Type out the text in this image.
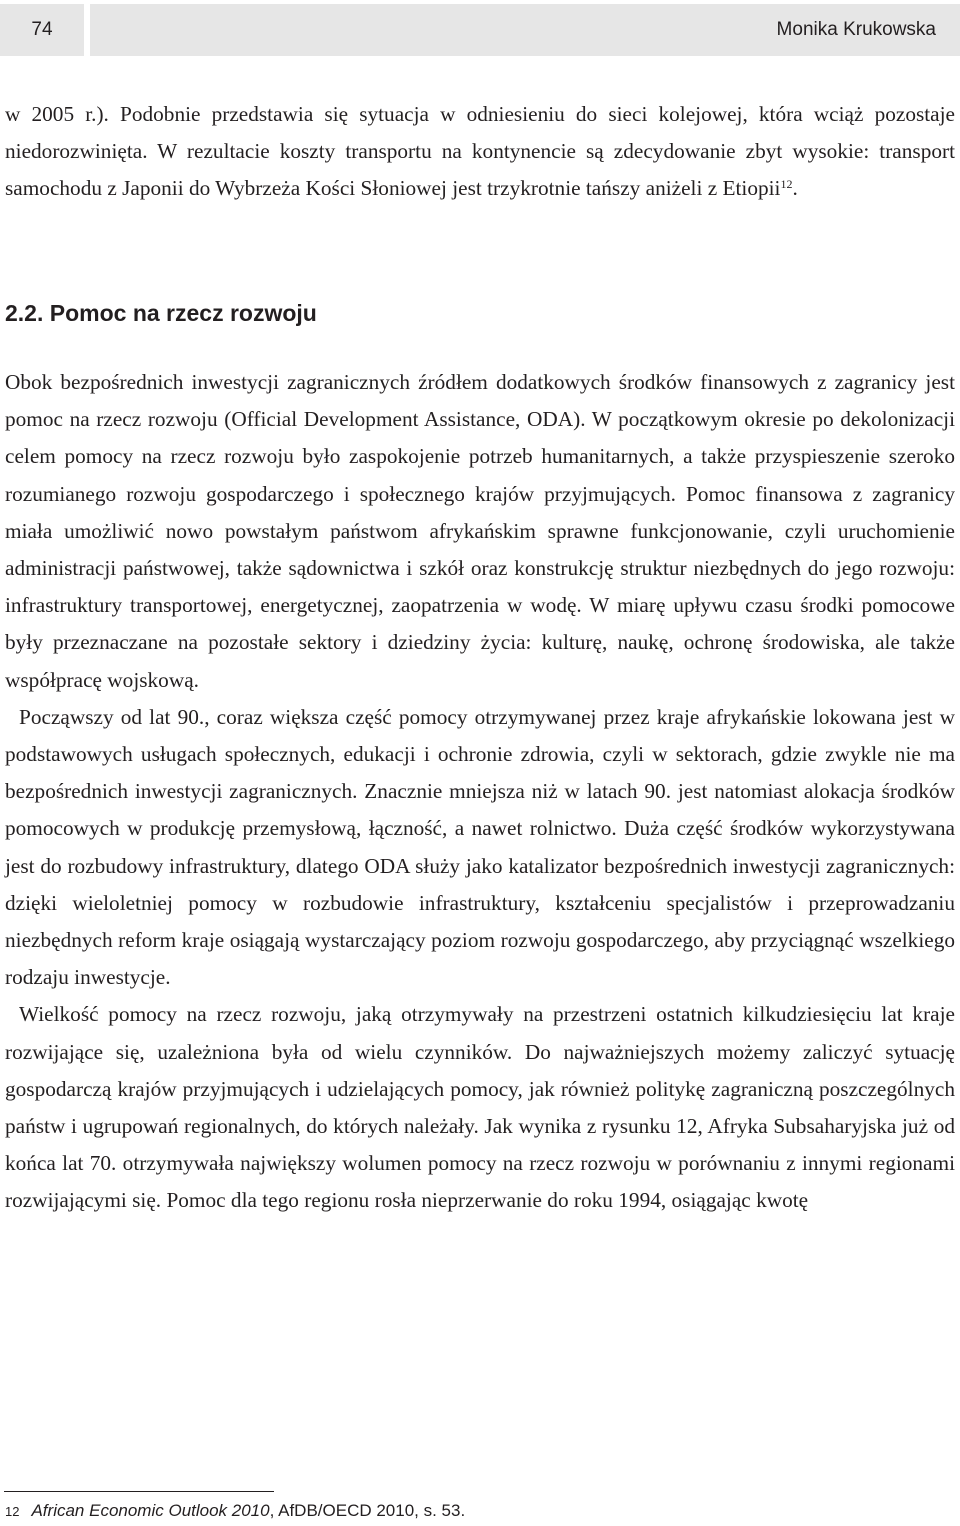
74	Monika Krukowska

w 2005 r.). Podobnie przedstawia się sytuacja w odniesieniu do sieci kolejowej, która wciąż pozostaje niedorozwinięta. W rezultacie koszty transportu na kontynencie są zdecydowanie zbyt wysokie: transport samochodu z Japonii do Wybrzeża Kości Słoniowej jest trzykrotnie tańszy aniżeli z Etiopii$^{12}$.

2.2. Pomoc na rzecz rozwoju
Obok bezpośrednich inwestycji zagranicznych źródłem dodatkowych środków finansowych z zagranicy jest pomoc na rzecz rozwoju (Official Development Assistance, ODA). W początkowym okresie po dekolonizacji celem pomocy na rzecz rozwoju było zaspokojenie potrzeb humanitarnych, a także przyspieszenie szeroko rozumianego rozwoju gospodarczego i społecznego krajów przyjmujących. Pomoc finansowa z zagranicy miała umożliwić nowo powstałym państwom afrykańskim sprawne funkcjonowanie, czyli uruchomienie administracji państwowej, także sądownictwa i szkół oraz konstrukcję struktur niezbędnych do jego rozwoju: infrastruktury transportowej, energetycznej, zaopatrzenia w wodę. W miarę upływu czasu środki pomocowe były przeznaczane na pozostałe sektory i dziedziny życia: kulturę, naukę, ochronę środowiska, ale także współpracę wojskową.
Począwszy od lat 90., coraz większa część pomocy otrzymywanej przez kraje afrykańskie lokowana jest w podstawowych usługach społecznych, edukacji i ochronie zdrowia, czyli w sektorach, gdzie zwykle nie ma bezpośrednich inwestycji zagranicznych. Znacznie mniejsza niż w latach 90. jest natomiast alokacja środków pomocowych w produkcję przemysłową, łączność, a nawet rolnictwo. Duża część środków wykorzystywana jest do rozbudowy infrastruktury, dlatego ODA służy jako katalizator bezpośrednich inwestycji zagranicznych: dzięki wieloletniej pomocy w rozbudowie infrastruktury, kształceniu specjalistów i przeprowadzaniu niezbędnych reform kraje osiągają wystarczający poziom rozwoju gospodarczego, aby przyciągnąć wszelkiego rodzaju inwestycje.
Wielkość pomocy na rzecz rozwoju, jaką otrzymywały na przestrzeni ostatnich kilkudziesięciu lat kraje rozwijające się, uzależniona była od wielu czynników. Do najważniejszych możemy zaliczyć sytuację gospodarczą krajów przyjmujących i udzielających pomocy, jak również politykę zagraniczną poszczególnych państw i ugrupowań regionalnych, do których należały. Jak wynika z rysunku 12, Afryka Subsaharyjska już od końca lat 70. otrzymywała największy wolumen pomocy na rzecz rozwoju w porównaniu z innymi regionami rozwijającymi się. Pomoc dla tego regionu rosła nieprzerwanie do roku 1994, osiągając kwotę

12 African Economic Outlook 2010, AfDB/OECD 2010, s. 53.
